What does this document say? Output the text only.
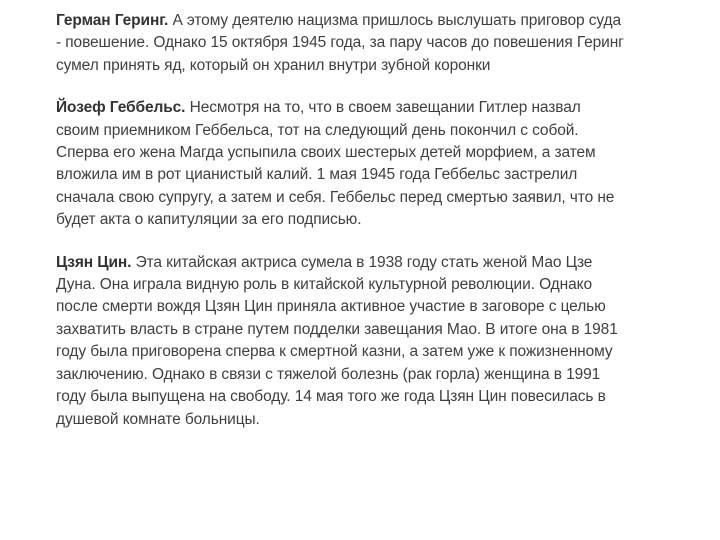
Герман Геринг. А этому деятелю нацизма пришлось выслушать приговор суда
- повешение. Однако 15 октября 1945 года, за пару часов до повешения Геринг
сумел принять яд, который он хранил внутри зубной коронки

Йозеф Геббельс. Несмотря на то, что в своем завещании Гитлер назвал
своим приемником Геббельса, тот на следующий день покончил с собой.
Сперва его жена Магда успыпила своих шестерых детей морфием, а затем
вложила им в рот цианистый калий. 1 мая 1945 года Геббельс застрелил
сначала свою супругу, а затем и себя. Геббельс перед смертью заявил, что не
будет акта о капитуляции за его подписью.

Цзян Цин. Эта китайская актриса сумела в 1938 году стать женой Мао Цзе
Дуна. Она играла видную роль в китайской культурной революции. Однако
после смерти вождя Цзян Цин приняла активное участие в заговоре с целью
захватить власть в стране путем подделки завещания Мао. В итоге она в 1981
году была приговорена сперва к смертной казни, а затем уже к пожизненному
заключению. Однако в связи с тяжелой болезнь (рак горла) женщина в 1991
году была выпущена на свободу. 14 мая того же года Цзян Цин повесилась в
душевой комнате больницы.
